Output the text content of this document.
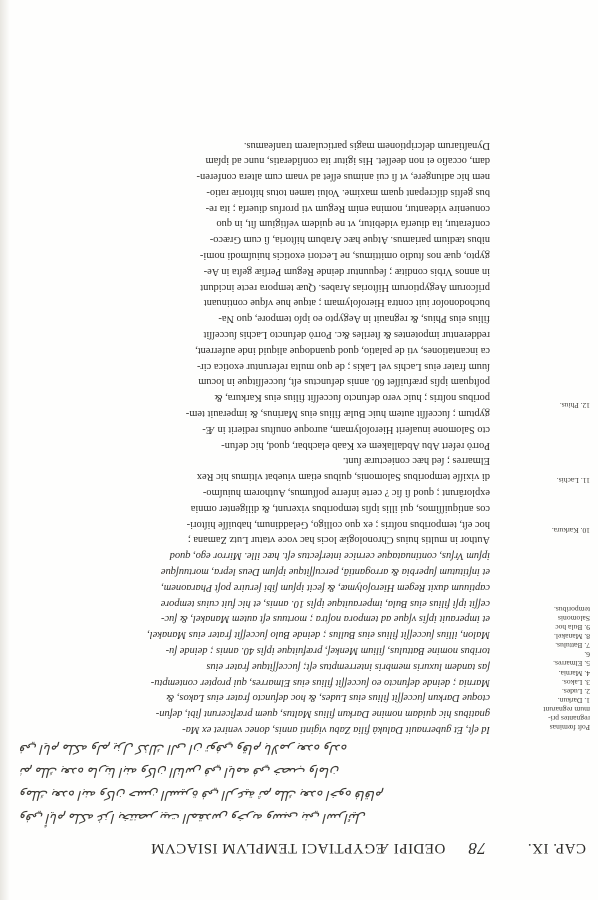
CAP. IX.
78
OEDIPI ÆGYPTIACI TEMPLVM ISIACVM
ﻭﻓﻲ ﺃﻳﺎﻡ ﻣﻠﻜﻪ ﻏﺰﺍ ﺑﺨﺘﻨﺼﺮ ﺑﻴﺖ ﺍﻟﻤﻘﺪﺱ ﻭﺧﺮﺑﻪ ﻭﺳﺒﻰ ﺑﻨﻲ ﺍﺳﺮﺍﺋﻴﻞ
ﻭﻣﻠﻚ ﺑﻌﺪﻩ ﺍﺑﻨﻪ ﻭﻛﺎﻥ ﺣﺴﻦ ﺍﻟﺴﻴﺮﺓ ﻓﻲ ﺍﻟﺮﻋﻴﺔ ﺛﻢ ﻣﻠﻚ ﺑﻌﺪﻩ ﺍﺧﻮﻩ ﻓﺎﻗﺎﻡ
ﺛﻢ ﻣﻠﻚ ﺑﻌﺪﻩ ﻣﺎﺭﻳﻨﺎ ﺍﺑﻨﻪ ﻭﻛﺎﻥ ﺍﻟﻨﺎﺱ ﻓﻲ ﺍﻳﺎﻣﻪ ﻓﻲ ﺧﺼﺐ ﻭﺍﻣﺎﻥ
ﻓﻲ ﺍﻳﺎﻡ ﻣﻠﻜﻪ ﻭﻟﻢ ﻳﺰﻝ ﻛﺬﻟﻚ ﺍﻟﻰ ﺍﻥ ﺗﻮﻓﻲ ﻭﻗﺎﻡ ﺑﺎﻻﻣﺮ ﺑﻌﺪﻩ ﻭﻟﺪﻩ
Id eſt, Et gubernauit Dalukà filia Zabu viginti annis, donec veniret ex Ma-
gnatibus hic quidam nomine Darkun filius Maltus, quem præficerunt ſibi, defun-
ctoque Darkun ſucceſſit filius eius Ludes, & hoc defuncto frater eius Lakos, &
Marnia ; deinde defuncto eo ſucceſſit filius eius Elmarres, qui propter contemptu-
ſas tandem luxuris membris interremptus eſt; ſucceſſitque frater eius
toribus nomine Battulus, ſilium Menkeſ, præfuitque ipſis 40. annis ; deinde ſu-
Malon, illius ſucceſſit filius eius Bullus ; deinde Bulo ſucceſſit frater eius Manakel,
et imperauit ipſis vſque ad tempora noſtra ; mortuus eſt autem Manakel, & ſuc-
ceſſit ipſi filius eius Bula, imperauitque ipſis 10. annis, et hic fuit cuius tempore
captiuum duxit Regem Hieroſolymæ, & fecit ipſum ſibi ſeruire poſt Pharaonem,
et inſtitutum ſuperbia & arrogantiâ, percuſſitque ipſum Deus lepra, mortuuſque
ipſum Vrſus, continuataque cernice interfectus eſt. hæc ille. Mirror ego, quod
Author in multis huius Chronologiæ locis hac voce vtatur Lutz Zamana ;
hoc eſt, temporibus noſtris ; ex quo colligo, Geladdinum, habuiſſe hiſtori-
cos antiquiſſimos, qui illis ipſis temporibus vixerunt, & diligenter omnia
explorârunt ; quod ſi ſic ? certe inferre poſſumus, Authorem huiuſmo-
di vixiſſe temporibus Salomonis, quibus etiam viuebat vltimus hic Rex
Elmarres ; ſed hæc coniecturæ ſunt.
Porrò refert Abu Abdallakem ex Kaab elachbar, quod, hic defun-
cto Salomone inuaſerit Hieroſolymam, auroque onuſtus redierit in Æ-
gyptum ; ſucceſſit autem huic Bulæ filius eius Marinus, & imperauit tem-
poribus noſtris ; huic vero defuncto ſucceſſit filius eius Karkura, &
poſtquam ipſis præfuiſſet 60. annis defunctus eſt, ſucceſſitque in locum
ſuum frater eius Lachis vel Lakis ; de quo multa referuntur exotica cir-
ca incantationes, vti de palatio, quod quandoque aliquid inde auferrent,
redderentur impotentes & ſteriles &c. Porrò defuncto Lachis ſucceſſit
filius eius Phius, & regnauit in Aegypto eo ipſo tempore, quo Na-
buchodonoſor iuit contra Hieroſolymam ; atque hue vſque continuant
priſcorum Aegyptiorum Hiſtorias Arabes. Quæ tempora recte incidunt
in annos Vrbis conditæ ; ſequuntur deinde Regum Perſiæ geſta in Ae-
gypto, quæ nos ſtudio omittimus, ne Lectori exoticis huiuſmodi nomi-
nibus tædium pariamus. Atque hæc Arabum hiſtoria, ſi cum Græco-
conferatur, ita diuerſa videbitur, vt ne quidem veſtigium ſit, in quo
conuenire videantur, nomina enim Regum vti prorſus diuerſa ; ita re-
bus geſtis diſcrepant quam maxime. Volui tamen totus hiſtoriæ ratio-
nem hic adiungere, vt ſi cui animus eſſet ad vnam cum altera conferen-
dam, occaſio ei non deeſſet. His igitur ita conſideratis, nunc ad ipſam
Dynaſtiarum deſcriptionem magis particularem tranſeamus.
Poſt fœminas
regnantes pri-
mum regnarunt
1. Darkun.
2. Ludes.
3. Lakos.
4. Marnia.
5. Elmarres.
6.
7. Battulus.
8. Manakel.
9. Bula hoc
Salomonis
temporibus.
10. Karkura.
11. Lachis.
12. Phius.
